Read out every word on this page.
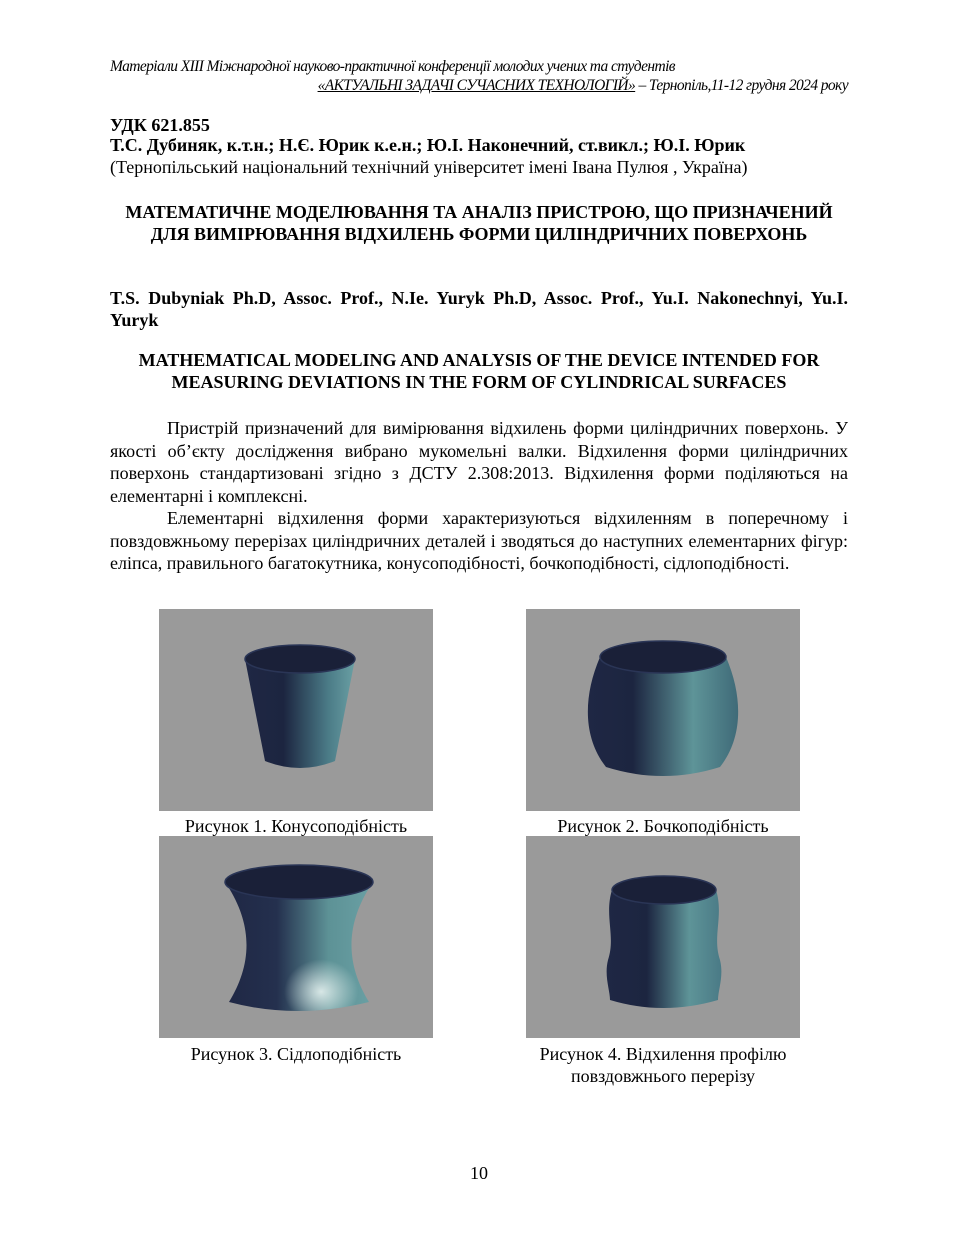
Матеріали XIII Міжнародної науково-практичної конференції молодих учених та студентів
«АКТУАЛЬНІ ЗАДАЧІ СУЧАСНИХ ТЕХНОЛОГІЙ» – Тернопіль,11-12 грудня 2024 року
УДК 621.855
Т.С. Дубиняк, к.т.н.; Н.Є. Юрик к.е.н.; Ю.І. Наконечний, ст.викл.; Ю.І. Юрик
(Тернопільський національний технічний університет імені Івана Пулюя , Україна)
МАТЕМАТИЧНЕ МОДЕЛЮВАННЯ ТА АНАЛІЗ ПРИСТРОЮ, ЩО ПРИЗНАЧЕНИЙ ДЛЯ ВИМІРЮВАННЯ ВІДХИЛЕНЬ ФОРМИ ЦИЛІНДРИЧНИХ ПОВЕРХОНЬ
T.S. Dubyniak Ph.D, Assoc. Prof., N.Ie. Yuryk Ph.D, Assoc. Prof., Yu.I. Nakonechnyi, Yu.I. Yuryk
MATHEMATICAL MODELING AND ANALYSIS OF THE DEVICE INTENDED FOR MEASURING DEVIATIONS IN THE FORM OF CYLINDRICAL SURFACES

Пристрій призначений для вимірювання відхилень форми циліндричних поверхонь. У якості об’єкту дослідження вибрано мукомельні валки. Відхилення форми циліндричних поверхонь стандартизовані згідно з ДСТУ 2.308:2013. Відхилення форми поділяються на елементарні і комплексні.

Елементарні відхилення форми характеризуються відхиленням в поперечному і повздовжньому перерізах циліндричних деталей і зводяться до наступних елементарних фігур: еліпса, правильного багатокутника, конусоподібності, бочкоподібності, сідлоподібності.

Рисунок 1. Конусоподібність	Рисунок 2. Бочкоподібність
Рисунок 3. Сідлоподібність	Рисунок 4. Відхилення профілю повздовжнього перерізу
10
